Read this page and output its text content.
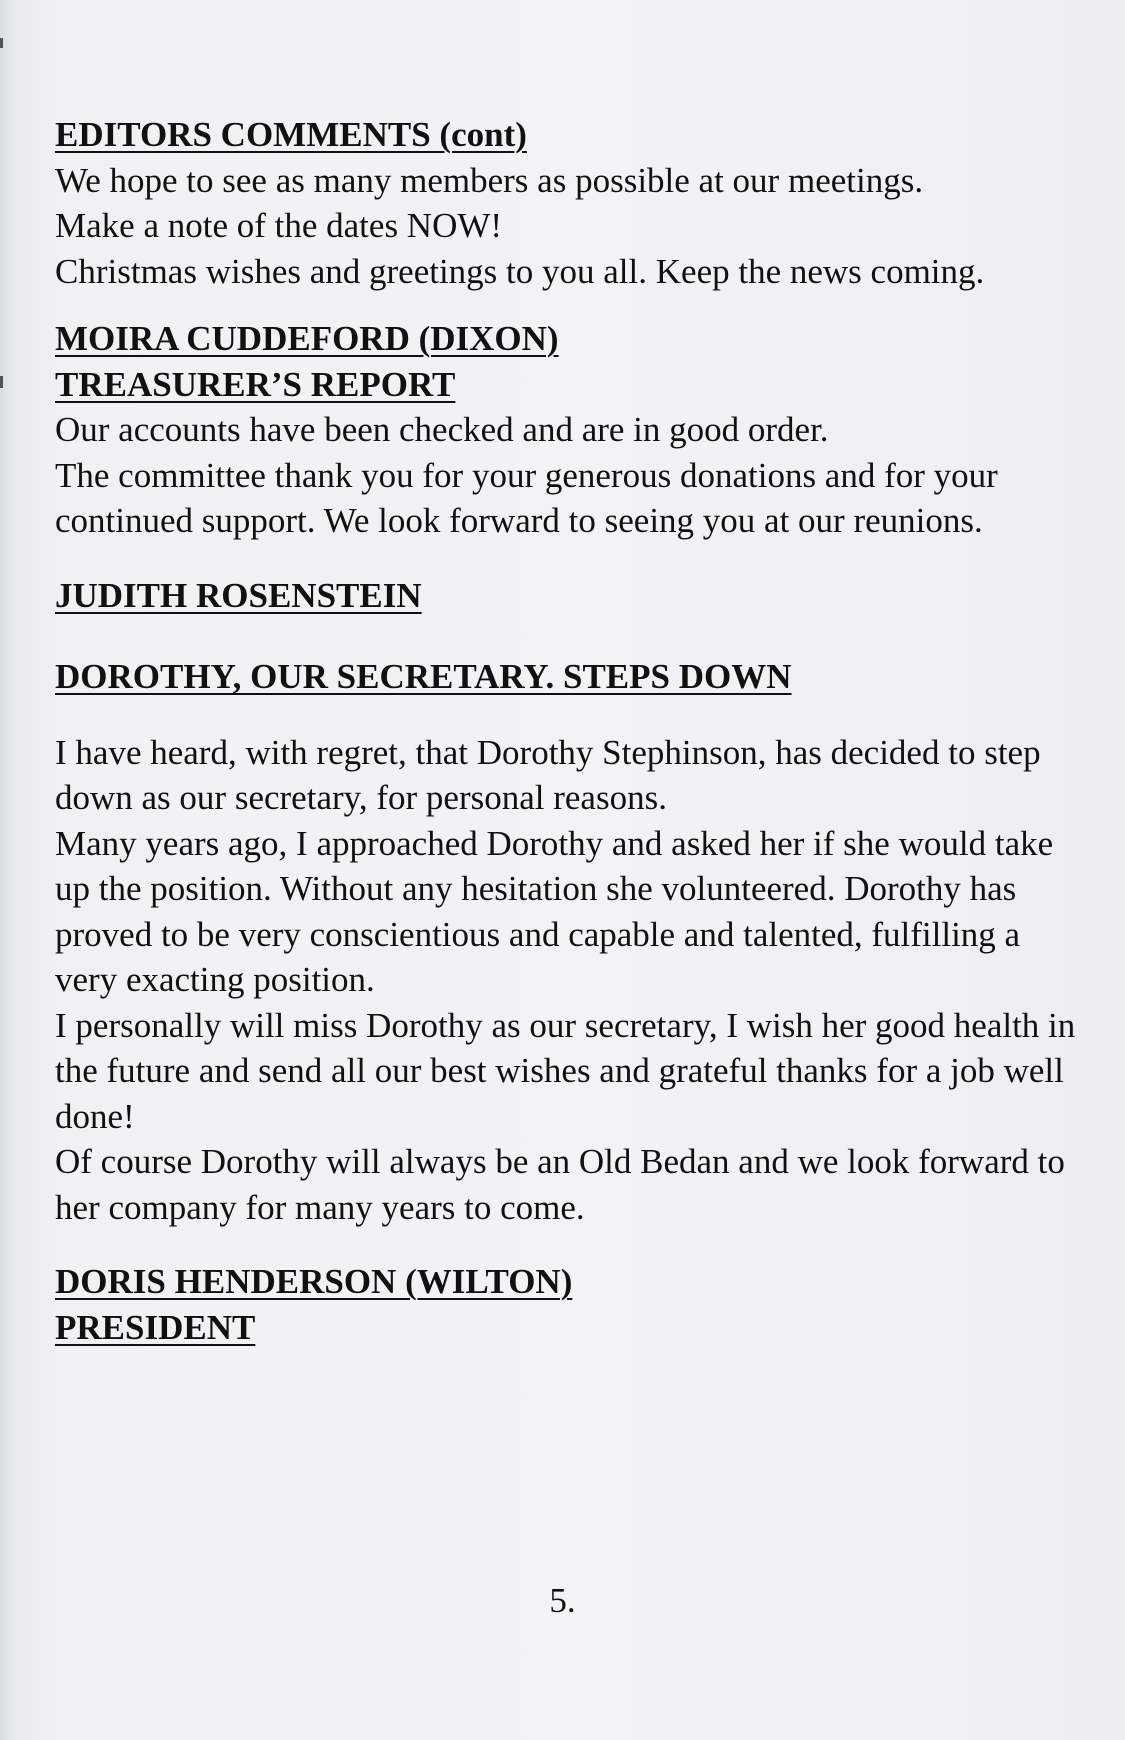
EDITORS COMMENTS (cont)

We hope to see as many members as possible at our meetings.

Make a note of the dates NOW!

Christmas wishes and greetings to you all. Keep the news coming.

MOIRA CUDDEFORD (DIXON)

TREASURER’S REPORT

Our accounts have been checked and are in good order.

The committee thank you for your generous donations and for your continued support. We look forward to seeing you at our reunions.

JUDITH ROSENSTEIN

DOROTHY, OUR SECRETARY. STEPS DOWN

I have heard, with regret, that Dorothy Stephinson, has decided to step down as our secretary, for personal reasons.

Many years ago, I approached Dorothy and asked her if she would take up the position. Without any hesitation she volunteered. Dorothy has proved to be very conscientious and capable and talented, fulfilling a very exacting position.

I personally will miss Dorothy as our secretary, I wish her good health in the future and send all our best wishes and grateful thanks for a job well done!

Of course Dorothy will always be an Old Bedan and we look forward to her company for many years to come.

DORIS HENDERSON (WILTON)

PRESIDENT

5.
